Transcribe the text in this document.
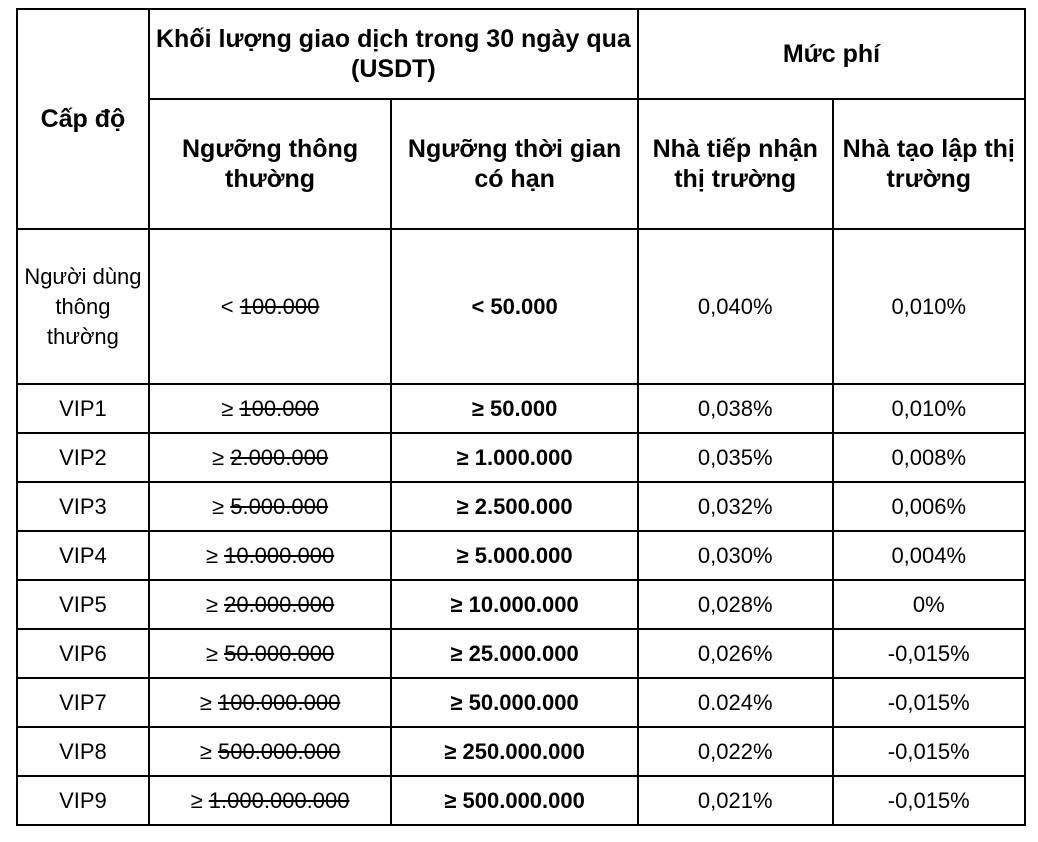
Cấp độ	Khối lượng giao dịch trong 30 ngày qua (USDT)		Mức phí	
	Ngưỡng thông thường	Ngưỡng thời gian có hạn	Nhà tiếp nhận thị trường	Nhà tạo lập thị trường
Người dùng thông thường	< 100.000	< 50.000	0,040%	0,010%
VIP1	≥ 100.000	≥ 50.000	0,038%	0,010%
VIP2	≥ 2.000.000	≥ 1.000.000	0,035%	0,008%
VIP3	≥ 5.000.000	≥ 2.500.000	0,032%	0,006%
VIP4	≥ 10.000.000	≥ 5.000.000	0,030%	0,004%
VIP5	≥ 20.000.000	≥ 10.000.000	0,028%	0%
VIP6	≥ 50.000.000	≥ 25.000.000	0,026%	-0,015%
VIP7	≥ 100.000.000	≥ 50.000.000	0.024%	-0,015%
VIP8	≥ 500.000.000	≥ 250.000.000	0,022%	-0,015%
VIP9	≥ 1.000.000.000	≥ 500.000.000	0,021%	-0,015%
